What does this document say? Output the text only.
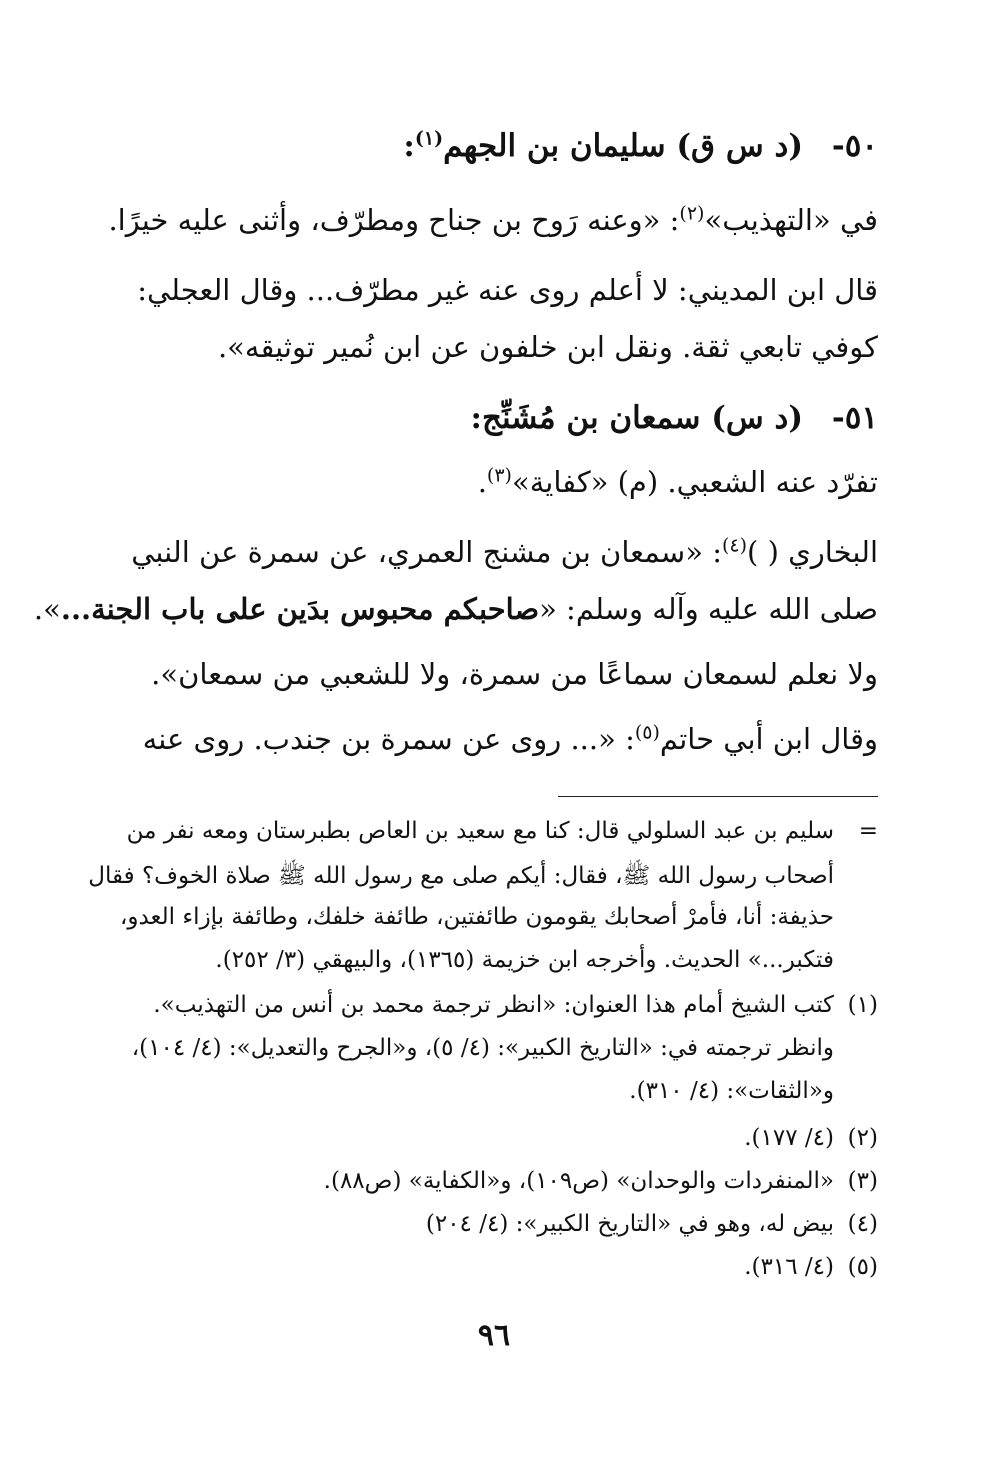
٥٠- (د س ق) سليمان بن الجهم$^{(١)}$:
في «التهذيب»$^{(٢)}$: «وعنه رَوح بن جناح ومطرّف، وأثنى عليه خيرًا.
قال ابن المديني: لا أعلم روى عنه غير مطرّف... وقال العجلي:
كوفي تابعي ثقة. ونقل ابن خلفون عن ابن نُمير توثيقه».
٥١- (د س) سمعان بن مُشَنِّج:
تفرّد عنه الشعبي. (م) «كفاية»$^{(٣)}$.
البخاري ( )$^{(٤)}$: «سمعان بن مشنج العمري، عن سمرة عن النبي
صلى الله عليه وآله وسلم: «صاحبكم محبوس بدَين على باب الجنة...».
ولا نعلم لسمعان سماعًا من سمرة، ولا للشعبي من سمعان».
وقال ابن أبي حاتم$^{(٥)}$: «... روى عن سمرة بن جندب. روى عنه
=سليم بن عبد السلولي قال: كنا مع سعيد بن العاص بطبرستان ومعه نفر من
أصحاب رسول الله ﷺ، فقال: أيكم صلى مع رسول الله ﷺ صلاة الخوف؟ فقال
حذيفة: أنا، فأمرْ أصحابك يقومون طائفتين، طائفة خلفك، وطائفة بإزاء العدو،
فتكبر...» الحديث. وأخرجه ابن خزيمة (١٣٦٥)، والبيهقي (٣/ ٢٥٢).
(١)كتب الشيخ أمام هذا العنوان: «انظر ترجمة محمد بن أنس من التهذيب».
وانظر ترجمته في: «التاريخ الكبير»: (٤/ ٥)، و«الجرح والتعديل»: (٤/ ١٠٤)،
و«الثقات»: (٤/ ٣١٠).
(٢)(٤/ ١٧٧).
(٣)«المنفردات والوحدان» (ص١٠٩)، و«الكفاية» (ص٨٨).
(٤)بيض له، وهو في «التاريخ الكبير»: (٤/ ٢٠٤)
(٥)(٤/ ٣١٦).
٩٦
